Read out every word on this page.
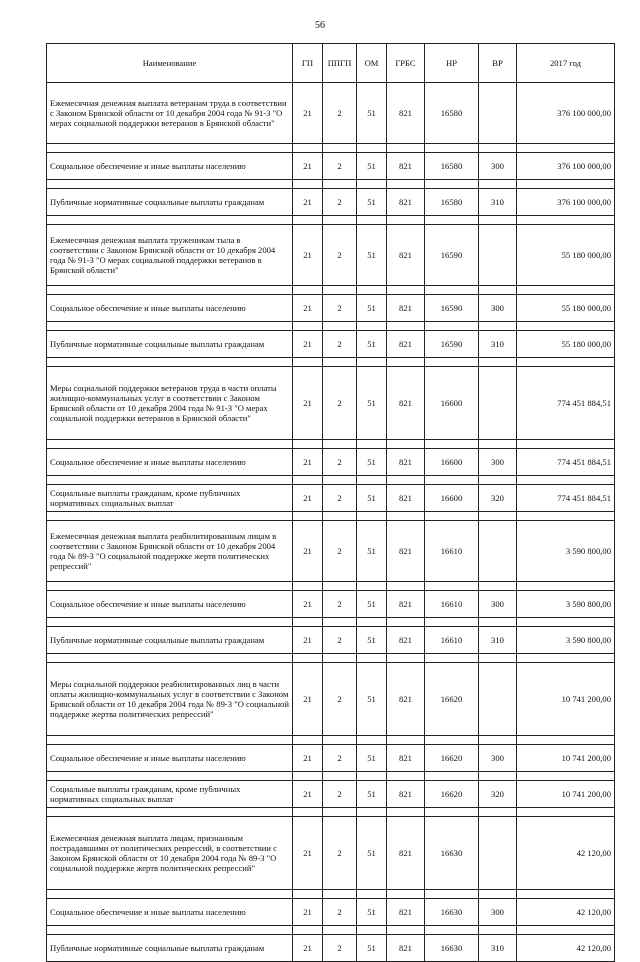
56
Наименование	ГП	ППГП	ОМ	ГРБС	НР	ВР	2017 год
Ежемесячная денежная выплата ветеранам труда в соответствии с Законом Брянской области от 10 декабря 2004 года № 91-З "О мерах социальной поддержки ветеранов в Брянской области"	21	2	51	821	16580		376 100 000,00

Социальное обеспечение и иные выплаты населению	21	2	51	821	16580	300	376 100 000,00

Публичные нормативные социальные выплаты гражданам	21	2	51	821	16580	310	376 100 000,00

Ежемесячная денежная выплата труженикам тыла в соответствии с Законом Брянской области от 10 декабря 2004 года № 91-З "О мерах социальной поддержки ветеранов в Брянской области"	21	2	51	821	16590		55 180 000,00

Социальное обеспечение и иные выплаты населению	21	2	51	821	16590	300	55 180 000,00

Публичные нормативные социальные выплаты гражданам	21	2	51	821	16590	310	55 180 000,00

Меры социальной поддержки ветеранов труда в части оплаты жилищно-коммунальных услуг в соответствии с Законом Брянской области от 10 декабря 2004 года № 91-З "О мерах социальной поддержки ветеранов в Брянской области"	21	2	51	821	16600		774 451 884,51

Социальное обеспечение и иные выплаты населению	21	2	51	821	16600	300	774 451 884,51

Социальные выплаты гражданам, кроме публичных нормативных социальных выплат	21	2	51	821	16600	320	774 451 884,51

Ежемесячная денежная выплата реабилитированным лицам в соответствии с Законом Брянской области от 10 декабря 2004 года № 89-З "О социальной поддержке жертв политических репрессий"	21	2	51	821	16610		3 590 800,00

Социальное обеспечение и иные выплаты населению	21	2	51	821	16610	300	3 590 800,00

Публичные нормативные социальные выплаты гражданам	21	2	51	821	16610	310	3 590 800,00

Меры социальной поддержки реабилитированных лиц в части оплаты жилищно-коммунальных услуг в соответствии с Законом Брянской области от 10 декабря 2004 года № 89-З "О социальной поддержке жертва политических репрессий"	21	2	51	821	16620		10 741 200,00

Социальное обеспечение и иные выплаты населению	21	2	51	821	16620	300	10 741 200,00

Социальные выплаты гражданам, кроме публичных нормативных социальных выплат	21	2	51	821	16620	320	10 741 200,00

Ежемесячная денежная выплата лицам, признанным пострадавшими от политических репрессий, в соответствии с Законом Брянской области от 10 декабря 2004 года № 89-З "О социальной поддержке жертв политических репрессий"	21	2	51	821	16630		42 120,00

Социальное обеспечение и иные выплаты населению	21	2	51	821	16630	300	42 120,00

Публичные нормативные социальные выплаты гражданам	21	2	51	821	16630	310	42 120,00
